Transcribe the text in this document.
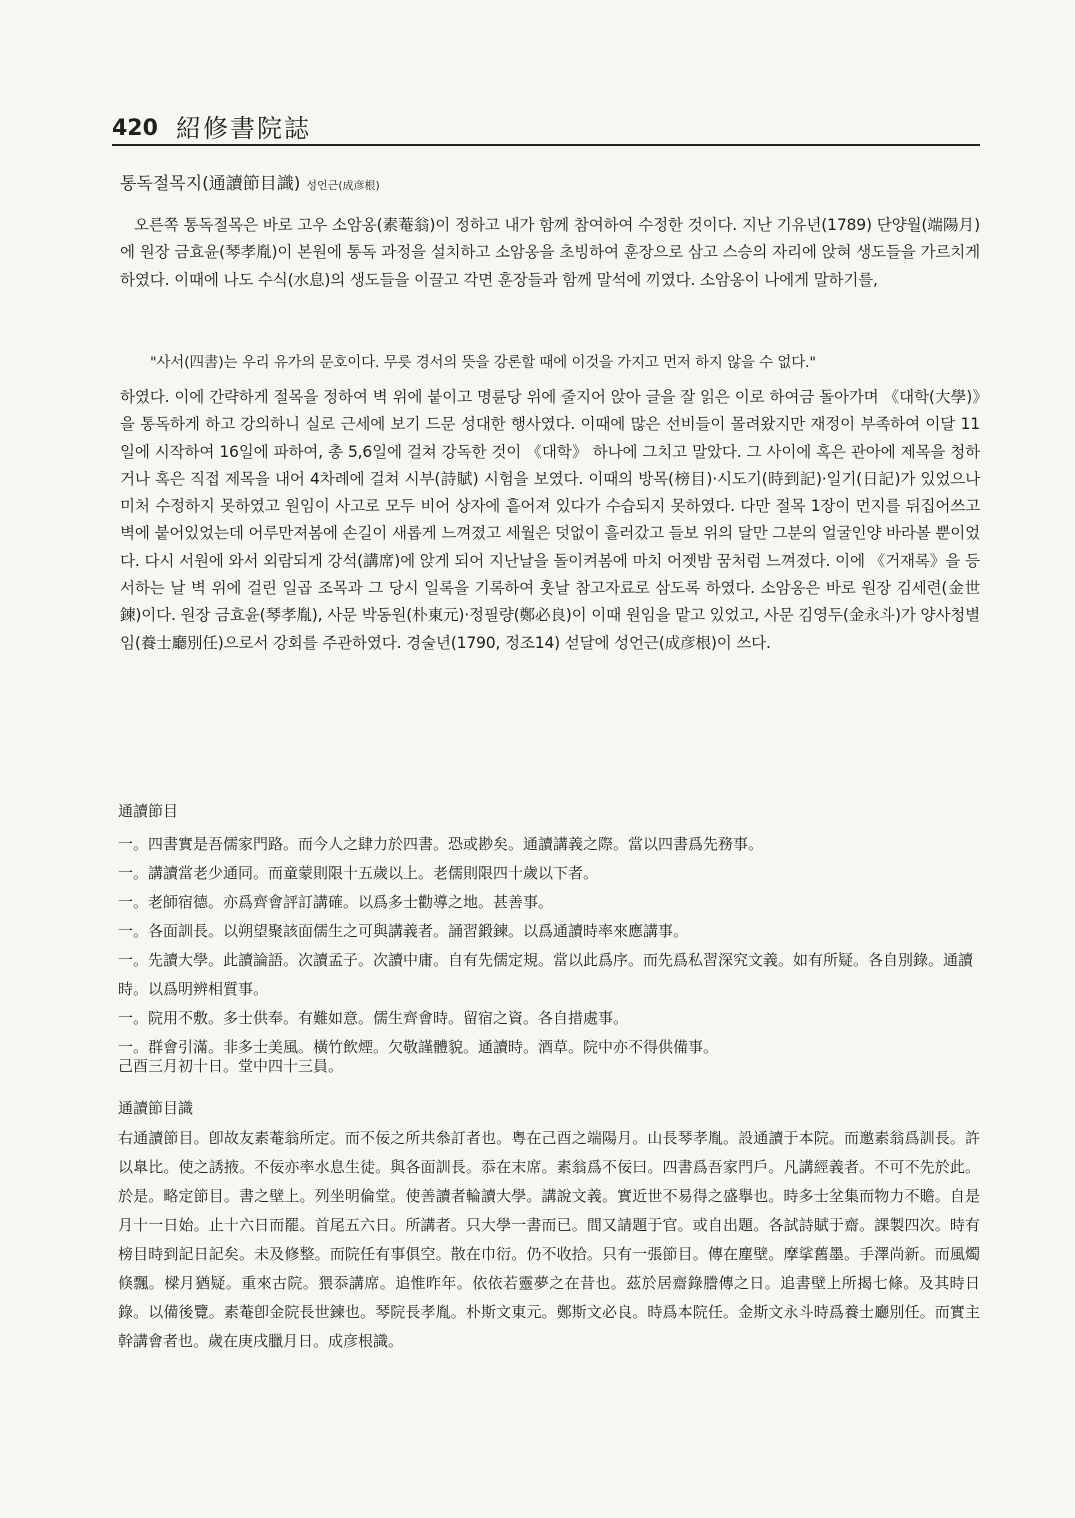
420 紹修書院誌
통독절목지(通讀節目識) 성언근(成彦根)

오른쪽 통독절목은 바로 고우 소암옹(素菴翁)이 정하고 내가 함께 참여하여 수정한 것이다. 지난 기유년(1789) 단양월(端陽月)에 원장 금효윤(琴孝胤)이 본원에 통독 과정을 설치하고 소암옹을 초빙하여 훈장으로 삼고 스승의 자리에 앉혀 생도들을 가르치게 하였다. 이때에 나도 수식(水息)의 생도들을 이끌고 각면 훈장들과 함께 말석에 끼였다. 소암옹이 나에게 말하기를,

"사서(四書)는 우리 유가의 문호이다. 무릇 경서의 뜻을 강론할 때에 이것을 가지고 먼저 하지 않을 수 없다."

하였다. 이에 간략하게 절목을 정하여 벽 위에 붙이고 명륜당 위에 줄지어 앉아 글을 잘 읽은 이로 하여금 돌아가며 《대학(大學)》을 통독하게 하고 강의하니 실로 근세에 보기 드문 성대한 행사였다. 이때에 많은 선비들이 몰려왔지만 재정이 부족하여 이달 11일에 시작하여 16일에 파하여, 총 5,6일에 걸쳐 강독한 것이 《대학》 하나에 그치고 말았다. 그 사이에 혹은 관아에 제목을 청하거나 혹은 직접 제목을 내어 4차례에 걸쳐 시부(詩賦) 시험을 보였다. 이때의 방목(榜目)·시도기(時到記)·일기(日記)가 있었으나 미처 수정하지 못하였고 원임이 사고로 모두 비어 상자에 흩어져 있다가 수습되지 못하였다. 다만 절목 1장이 먼지를 뒤집어쓰고 벽에 붙어있었는데 어루만져봄에 손길이 새롭게 느껴졌고 세월은 덧없이 흘러갔고 들보 위의 달만 그분의 얼굴인양 바라볼 뿐이었다. 다시 서원에 와서 외람되게 강석(講席)에 앉게 되어 지난날을 돌이켜봄에 마치 어젯밤 꿈처럼 느껴졌다. 이에 《거재록》을 등서하는 날 벽 위에 걸린 일곱 조목과 그 당시 일록을 기록하여 훗날 참고자료로 삼도록 하였다. 소암옹은 바로 원장 김세련(金世鍊)이다. 원장 금효윤(琴孝胤), 사문 박동원(朴東元)·정필량(鄭必良)이 이때 원임을 맡고 있었고, 사문 김영두(金永斗)가 양사청별임(養士廳別任)으로서 강회를 주관하였다. 경술년(1790, 정조14) 섣달에 성언근(成彦根)이 쓰다.

通讀節目
一。四書實是吾儒家門路。而今人之肆力於四書。恐或尠矣。通讀講義之際。當以四書爲先務事。
一。講讀當老少通同。而童蒙則限十五歲以上。老儒則限四十歲以下者。
一。老師宿德。亦爲齊會評訂講確。以爲多士勸導之地。甚善事。
一。各面訓長。以朔望聚該面儒生之可與講義者。誦習鍛鍊。以爲通讀時率來應講事。
一。先讀大學。此讀論語。次讀孟子。次讀中庸。自有先儒定規。當以此爲序。而先爲私習深究文義。如有所疑。各自別錄。通讀時。以爲明辨相質事。
一。院用不敷。多士供奉。有難如意。儒生齊會時。留宿之資。各自措處事。
一。群會引滿。非多士美風。橫竹飲煙。欠敬謹體貌。通讀時。酒草。院中亦不得供備事。
己酉三月初十日。堂中四十三員。
通讀節目識

右通讀節目。卽故友素菴翁所定。而不佞之所共叅訂者也。粤在己酉之端陽月。山長琴孝胤。設通讀于本院。而邀素翁爲訓長。許以臯比。使之誘掖。不佞亦率水息生徒。與各面訓長。忝在末席。素翁爲不佞曰。四書爲吾家門戶。凡講經義者。不可不先於此。於是。略定節目。書之壁上。列坐明倫堂。使善讀者輪讀大學。講說文義。實近世不易得之盛擧也。時多士坌集而物力不贍。自是月十一日始。止十六日而罷。首尾五六日。所講者。只大學一書而已。間又請題于官。或自出題。各試詩賦于齋。課製四次。時有榜目時到記日記矣。未及修整。而院任有事俱空。散在巾衍。仍不收拾。只有一張節目。傳在塵壁。摩挲舊墨。手澤尚新。而風燭倏飄。樑月猶疑。重來古院。猥忝講席。追惟昨年。依依若靈夢之在昔也。茲於居齋錄謄傳之日。追書壁上所揭七條。及其時日錄。以備後覽。素菴卽金院長世鍊也。琴院長孝胤。朴斯文東元。鄭斯文必良。時爲本院任。金斯文永斗時爲養士廳別任。而實主幹講會者也。歲在庚戌臘月日。成彦根識。
